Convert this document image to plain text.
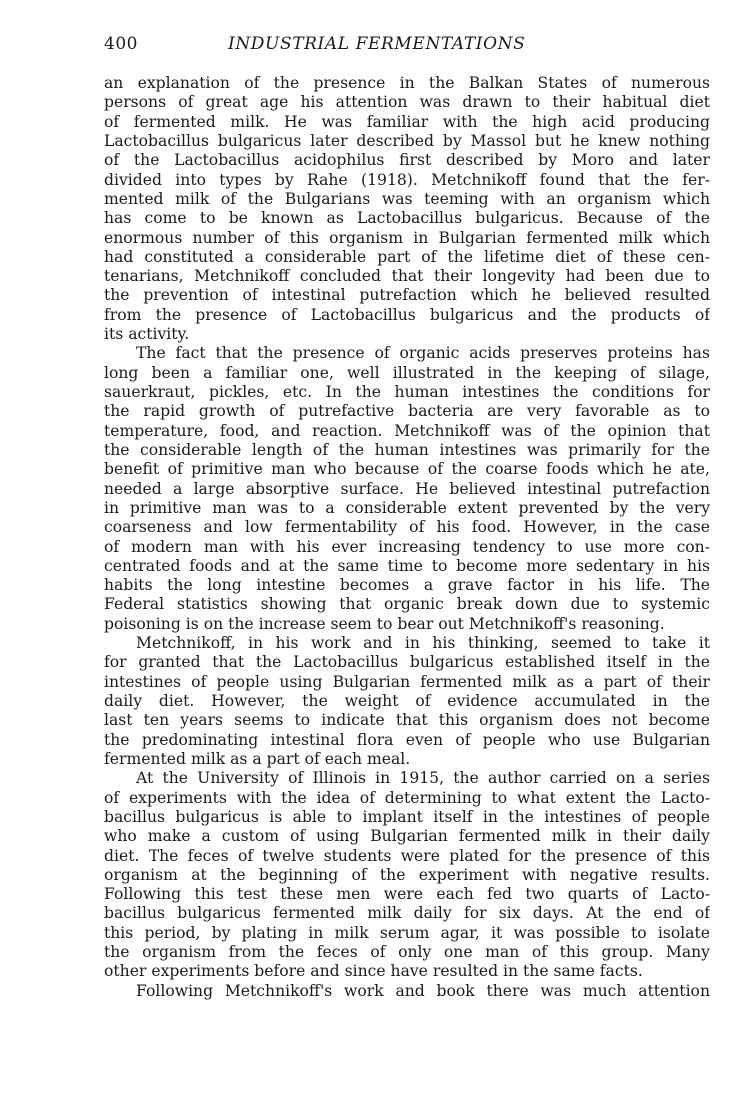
400	INDUSTRIAL FERMENTATIONS
an explanation of the presence in the Balkan States of numerous
persons of great age his attention was drawn to their habitual diet
of fermented milk. He was familiar with the high acid producing
Lactobacillus bulgaricus later described by Massol but he knew nothing
of the Lactobacillus acidophilus first described by Moro and later
divided into types by Rahe (1918). Metchnikoff found that the fer-
mented milk of the Bulgarians was teeming with an organism which
has come to be known as Lactobacillus bulgaricus. Because of the
enormous number of this organism in Bulgarian fermented milk which
had constituted a considerable part of the lifetime diet of these cen-
tenarians, Metchnikoff concluded that their longevity had been due to
the prevention of intestinal putrefaction which he believed resulted
from the presence of Lactobacillus bulgaricus and the products of
its activity.
The fact that the presence of organic acids preserves proteins has
long been a familiar one, well illustrated in the keeping of silage,
sauerkraut, pickles, etc. In the human intestines the conditions for
the rapid growth of putrefactive bacteria are very favorable as to
temperature, food, and reaction. Metchnikoff was of the opinion that
the considerable length of the human intestines was primarily for the
benefit of primitive man who because of the coarse foods which he ate,
needed a large absorptive surface. He believed intestinal putrefaction
in primitive man was to a considerable extent prevented by the very
coarseness and low fermentability of his food. However, in the case
of modern man with his ever increasing tendency to use more con-
centrated foods and at the same time to become more sedentary in his
habits the long intestine becomes a grave factor in his life. The
Federal statistics showing that organic break down due to systemic
poisoning is on the increase seem to bear out Metchnikoff's reasoning.
Metchnikoff, in his work and in his thinking, seemed to take it
for granted that the Lactobacillus bulgaricus established itself in the
intestines of people using Bulgarian fermented milk as a part of their
daily diet. However, the weight of evidence accumulated in the
last ten years seems to indicate that this organism does not become
the predominating intestinal flora even of people who use Bulgarian
fermented milk as a part of each meal.
At the University of Illinois in 1915, the author carried on a series
of experiments with the idea of determining to what extent the Lacto-
bacillus bulgaricus is able to implant itself in the intestines of people
who make a custom of using Bulgarian fermented milk in their daily
diet. The feces of twelve students were plated for the presence of this
organism at the beginning of the experiment with negative results.
Following this test these men were each fed two quarts of Lacto-
bacillus bulgaricus fermented milk daily for six days. At the end of
this period, by plating in milk serum agar, it was possible to isolate
the organism from the feces of only one man of this group. Many
other experiments before and since have resulted in the same facts.
Following Metchnikoff's work and book there was much attention
